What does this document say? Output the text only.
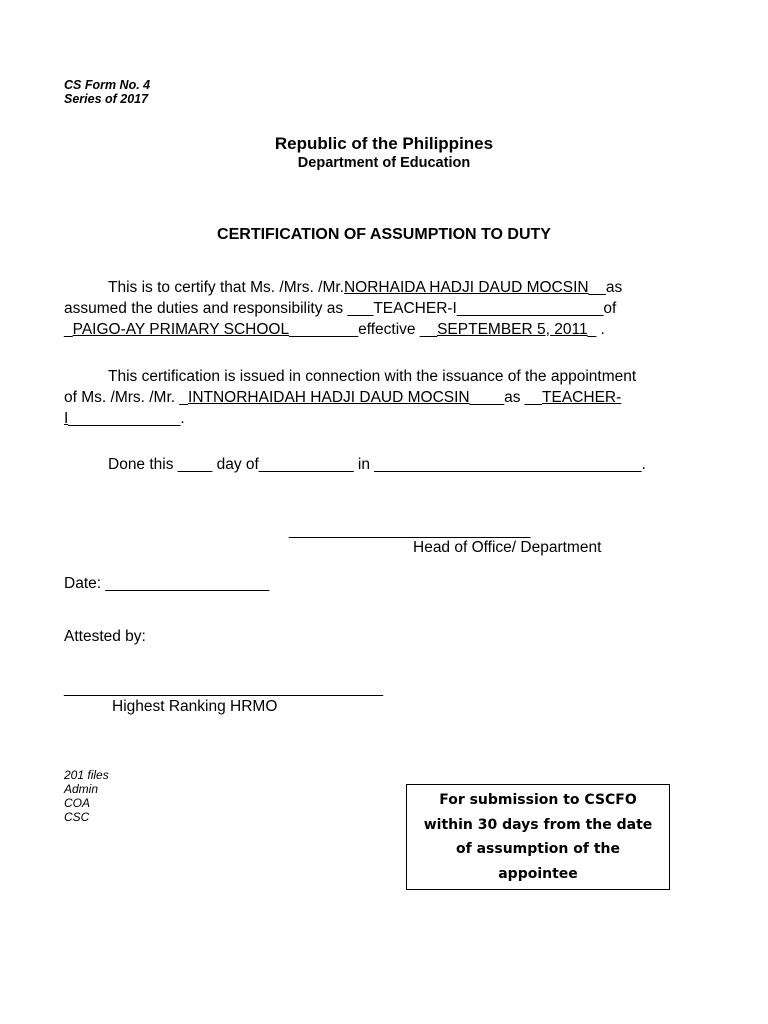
CS Form No. 4
Series of 2017
Republic of the Philippines
Department of Education
CERTIFICATION OF ASSUMPTION TO DUTY
This is to certify that Ms. /Mrs. /Mr.NORHAIDA HADJI DAUD MOCSIN__as
assumed the duties and responsibility as ___TEACHER-I_________________of
_PAIGO-AY PRIMARY SCHOOL________effective __SEPTEMBER 5, 2011_ .
This certification is issued in connection with the issuance of the appointment
of Ms. /Mrs. /Mr. _INTNORHAIDAH HADJI DAUD MOCSIN____as __TEACHER-
I_____________.
Done this ____ day of___________ in _______________________________.
____________________________
Head of Office/ Department
Date: ___________________
Attested by:
_____________________________________
Highest Ranking HRMO
201 files
Admin
COA
CSC
For submission to CSCFO
within 30 days from the date
of assumption of the
appointee
